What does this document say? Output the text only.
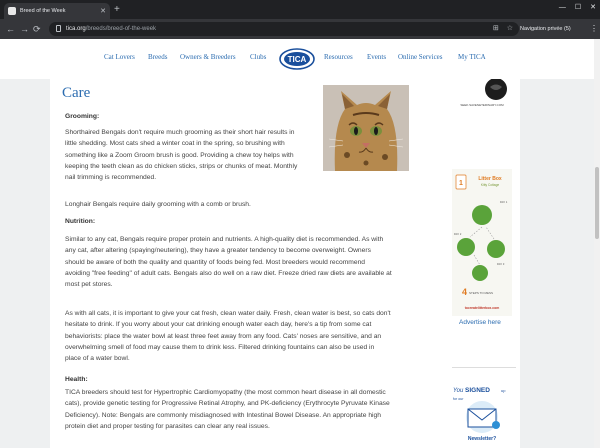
Breed of the Week	✕ +	— ☐ ✕
← → ⟳	tica.org/breeds/breed-of-the-week	⊞ ☆ Navigation privée (5) ⋮
Cat Lovers Breeds Owners & Breeders Clubs	TICA	Resources Events Online Services My TICA
Care
Grooming:
Shorthaired Bengals don't require much grooming as their short hair results in
little shedding. Most cats shed a winter coat in the spring, so brushing with
something like a Zoom Groom brush is good. Providing a chew toy helps with
keeping the teeth clean as do chicken sticks, strips or chunks of meat. Monthly
nail trimming is recommended.
Longhair Bengals require daily grooming with a comb or brush.
Nutrition:
Similar to any cat, Bengals require proper protein and nutrients. A high-quality diet is recommended. As with
any cat, after altering (spaying/neutering), they have a greater tendency to become overweight. Owners
should be aware of both the quality and quantity of foods being fed. Most breeders would recommend
avoiding "free feeding" of adult cats. Bengals also do well on a raw diet. Freeze dried raw diets are available at
most pet stores.
As with all cats, it is important to give your cat fresh, clean water daily. Fresh, clean water is best, so cats don't
hesitate to drink. If you worry about your cat drinking enough water each day, here's a tip from some cat
behaviorists: place the water bowl at least three feet away from any food. Cats' noses are sensitive, and an
overwhelming smell of food may cause them to drink less. Filtered drinking fountains can also be used in
place of a water bowl.
Health:
TICA breeders should test for Hypertrophic Cardiomyopathy (the most common heart disease in all domestic
cats), provide genetic testing for Progressive Retinal Atrophy, and PK-deficiency (Erythrocyte Pyruvate Kinase
Deficiency). Note: Bengals are commonly misdiagnosed with Intestinal Bowel Disease. An appropriate high
protein diet and proper testing for parasites can clear any real issues.
SEEK.SAVENETERINARY.COM
Litter Box
Kitty Cottage
1
DAY 1
DAY 2
DAY 3
4 STEPS TO MESS
tocreatelitterbox.com
Advertise here
You SIGNED	up
for our
Newsletter?
